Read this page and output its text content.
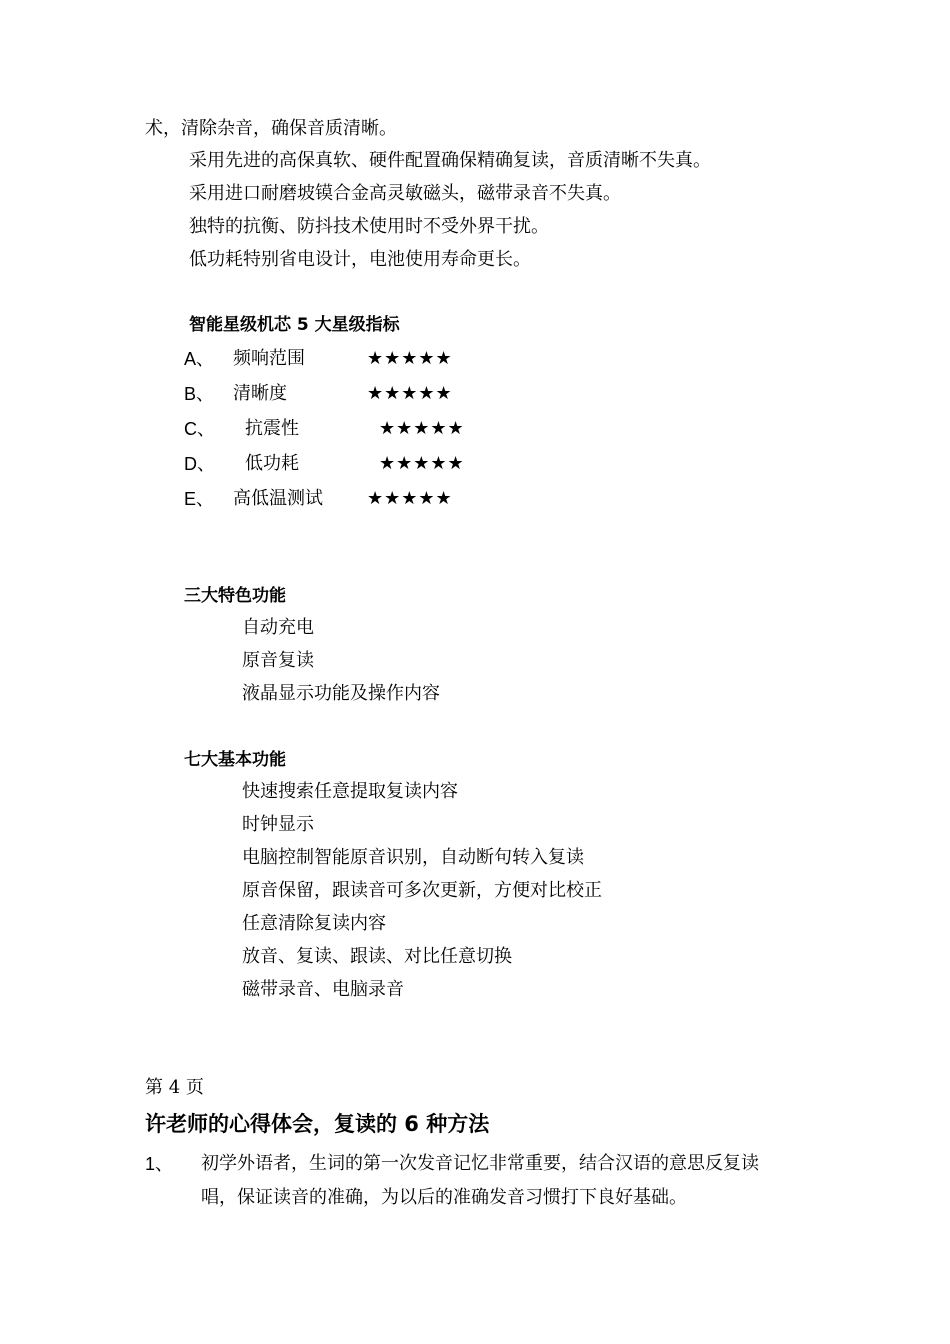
术，清除杂音，确保音质清晰。
采用先进的高保真软、硬件配置确保精确复读，音质清晰不失真。
采用进口耐磨坡镆合金高灵敏磁头，磁带录音不失真。
独特的抗衡、防抖技术使用时不受外界干扰。
低功耗特别省电设计，电池使用寿命更长。
智能星级机芯 5 大星级指标
A、 频响范围	★★★★★
B、 清晰度	★★★★★
C、 抗震性	★★★★★
D、 低功耗	★★★★★
E、 高低温测试 ★★★★★
三大特色功能
自动充电
原音复读
液晶显示功能及操作内容
七大基本功能
快速搜索任意提取复读内容
时钟显示
电脑控制智能原音识别，自动断句转入复读
原音保留，跟读音可多次更新，方便对比校正
任意清除复读内容
放音、复读、跟读、对比任意切换
磁带录音、电脑录音
第 4 页
许老师的心得体会，复读的 6 种方法
1、 初学外语者，生词的第一次发音记忆非常重要，结合汉语的意思反复读
唱，保证读音的准确，为以后的准确发音习惯打下良好基础。
